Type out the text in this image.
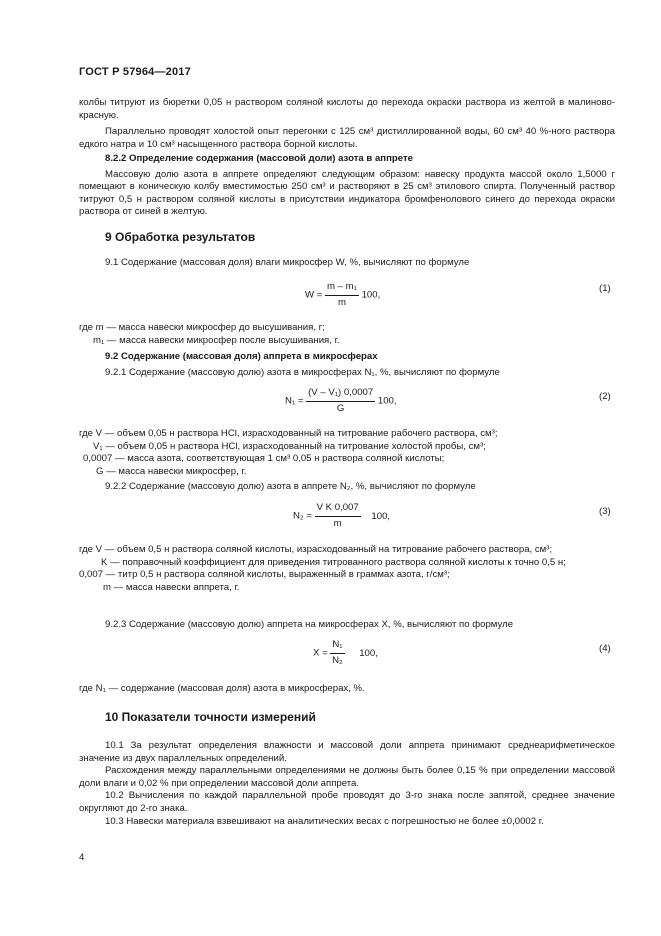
ГОСТ Р 57964—2017

колбы титруют из бюретки 0,05 н раствором соляной кислоты до перехода окраски раствора из желтой в малиново-красную.

Параллельно проводят холостой опыт перегонки с 125 см³ дистиллированной воды, 60 см³ 40 %-ного раствора едкого натра и 10 см³ насыщенного раствора борной кислоты.

8.2.2 Определение содержания (массовой доли) азота в аппрете

Массовую долю азота в аппрете определяют следующим образом: навеску продукта массой около 1,5000 г помещают в коническую колбу вместимостью 250 см³ и растворяют в 25 см³ этилового спирта. Полученный раствор титруют 0,5 н раствором соляной кислоты в присутствии индикатора бромфенолового синего до перехода окраски раствора от синей в желтую.

9 Обработка результатов

9.1 Содержание (массовая доля) влаги микросфер W, %, вычисляют по формуле

$W = \frac{\text{m – m₁}}{m} 100$,
(1)

где m — масса навески микросфер до высушивания, г;

m₁ — масса навески микросфер после высушивания, г.

9.2 Содержание (массовая доля) аппрета в микросферах

9.2.1 Содержание (массовую долю) азота в микросферах N₁, %, вычисляют по формуле

$N_1 = \frac{\text{(V – V₁) 0,0007}}{G} 100$,	(2)

где V — объем 0,05 н раствора HCl, израсходованный на титрование рабочего раствора, см³;

V₁ — объем 0,05 н раствора HCl, израсходованный на титрование холостой пробы, см³;

0,0007 — масса азота, соответствующая 1 см³ 0,05 н раствора соляной кислоты;

G — масса навески микросфер, г.

9.2.2 Содержание (массовую долю) азота в аппрете N₂, %, вычисляют по формуле

$N_2 = \frac{\text{V K 0,007}}{m} 100$,	(3)

где V — объем 0,5 н раствора соляной кислоты, израсходованный на титрование рабочего раствора, см³;

K — поправочный коэффициент для приведения титрованного раствора соляной кислоты к точно 0,5 н;

0,007 — титр 0,5 н раствора соляной кислоты, выраженный в граммах азота, г/см³;

m — масса навески аппрета, г.

9.2.3 Содержание (массовую долю) аппрета на микросферах X, %, вычисляют по формуле

$X = \frac{\text{N₁}}{\text{N₂}} 100$,	(4)

где N₁ — содержание (массовая доля) азота в микросферах, %.

10 Показатели точности измерений

10.1 За результат определения влажности и массовой доли аппрета принимают среднеарифметическое значение из двух параллельных определений.

Расхождения между параллельными определениями не должны быть более 0,15 % при определении массовой доли влаги и 0,02 % при определении массовой доли аппрета.

10.2 Вычисления по каждой параллельной пробе проводят до 3-го знака после запятой, среднее значение округляют до 2-го знака.

10.3 Навески материала взвешивают на аналитических весах с погрешностью не более ±0,0002 г.

4
